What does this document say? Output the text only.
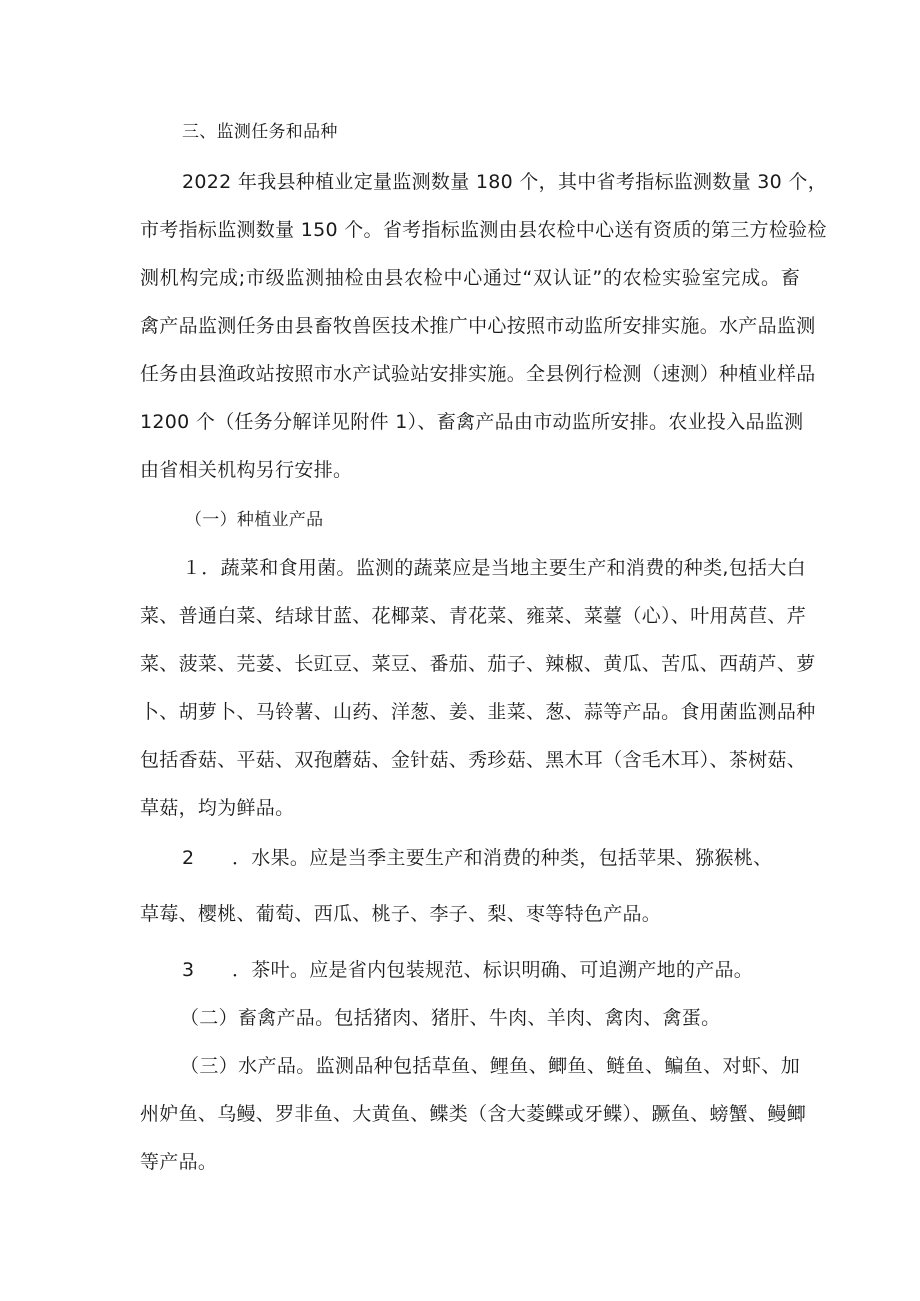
三、监测任务和品种
2022 年我县种植业定量监测数量 180 个，其中省考指标监测数量 30 个，
市考指标监测数量 150 个。省考指标监测由县农检中心送有资质的第三方检验检
测机构完成;市级监测抽检由县农检中心通过“双认证”的农检实验室完成。畜
禽产品监测任务由县畜牧兽医技术推广中心按照市动监所安排实施。水产品监测
任务由县渔政站按照市水产试验站安排实施。全县例行检测（速测）种植业样品
1200 个（任务分解详见附件 1）、畜禽产品由市动监所安排。农业投入品监测
由省相关机构另行安排。
（一）种植业产品
１．蔬菜和食用菌。监测的蔬菜应是当地主要生产和消费的种类,包括大白
菜、普通白菜、结球甘蓝、花椰菜、青花菜、雍菜、菜薹（心）、叶用莴苣、芹
菜、菠菜、芫荽、长豇豆、菜豆、番茄、茄子、辣椒、黄瓜、苦瓜、西葫芦、萝
卜、胡萝卜、马铃薯、山药、洋葱、姜、韭菜、葱、蒜等产品。食用菌监测品种
包括香菇、平菇、双孢蘑菇、金针菇、秀珍菇、黑木耳（含毛木耳）、茶树菇、
草菇，均为鲜品。
2	．水果。应是当季主要生产和消费的种类，包括苹果、猕猴桃、
草莓、樱桃、葡萄、西瓜、桃子、李子、梨、枣等特色产品。
3	．茶叶。应是省内包装规范、标识明确、可追溯产地的产品。
（二）畜禽产品。包括猪肉、猪肝、牛肉、羊肉、禽肉、禽蛋。
（三）水产品。监测品种包括草鱼、鲤鱼、鲫鱼、鲢鱼、鳊鱼、对虾、加
州妒鱼、乌鳗、罗非鱼、大黄鱼、鲽类（含大菱鲽或牙鲽）、蹶鱼、螃蟹、鳗鲫
等产品。
